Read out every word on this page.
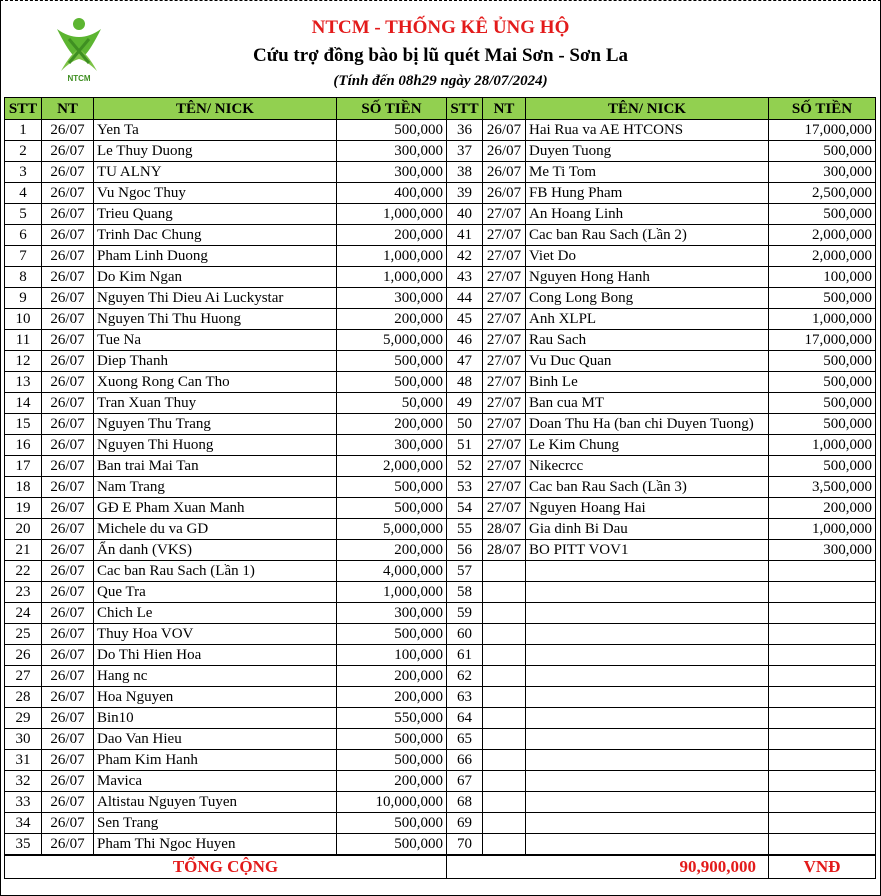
NTCM
NTCM - THỐNG KÊ ỦNG HỘ
Cứu trợ đồng bào bị lũ quét Mai Sơn - Sơn La
(Tính đến 08h29 ngày 28/07/2024)
STT	NT	TÊN/ NICK	SỐ TIỀN	STT	NT	TÊN/ NICK	SỐ TIỀN
1	26/07	Yen Ta	500,000	36	26/07	Hai Rua va AE HTCONS	17,000,000
2	26/07	Le Thuy Duong	300,000	37	26/07	Duyen Tuong	500,000
3	26/07	TU ALNY	300,000	38	26/07	Me Ti Tom	300,000
4	26/07	Vu Ngoc Thuy	400,000	39	26/07	FB Hung Pham	2,500,000
5	26/07	Trieu Quang	1,000,000	40	27/07	An Hoang Linh	500,000
6	26/07	Trinh Dac Chung	200,000	41	27/07	Cac ban Rau Sach (Lần 2)	2,000,000
7	26/07	Pham Linh Duong	1,000,000	42	27/07	Viet Do	2,000,000
8	26/07	Do Kim Ngan	1,000,000	43	27/07	Nguyen Hong Hanh	100,000
9	26/07	Nguyen Thi Dieu Ai Luckystar	300,000	44	27/07	Cong Long Bong	500,000
10	26/07	Nguyen Thi Thu Huong	200,000	45	27/07	Anh XLPL	1,000,000
11	26/07	Tue Na	5,000,000	46	27/07	Rau Sach	17,000,000
12	26/07	Diep Thanh	500,000	47	27/07	Vu Duc Quan	500,000
13	26/07	Xuong Rong Can Tho	500,000	48	27/07	Binh Le	500,000
14	26/07	Tran Xuan Thuy	50,000	49	27/07	Ban cua MT	500,000
15	26/07	Nguyen Thu Trang	200,000	50	27/07	Doan Thu Ha (ban chi Duyen Tuong)	500,000
16	26/07	Nguyen Thi Huong	300,000	51	27/07	Le Kim Chung	1,000,000
17	26/07	Ban trai Mai Tan	2,000,000	52	27/07	Nikecrcc	500,000
18	26/07	Nam Trang	500,000	53	27/07	Cac ban Rau Sach (Lần 3)	3,500,000
19	26/07	GĐ E Pham Xuan Manh	500,000	54	27/07	Nguyen Hoang Hai	200,000
20	26/07	Michele du va GD	5,000,000	55	28/07	Gia dinh Bi Dau	1,000,000
21	26/07	Ẩn danh (VKS)	200,000	56	28/07	BO PITT VOV1	300,000
22	26/07	Cac ban Rau Sach (Lần 1)	4,000,000	57			
23	26/07	Que Tra	1,000,000	58			
24	26/07	Chich Le	300,000	59			
25	26/07	Thuy Hoa VOV	500,000	60			
26	26/07	Do Thi Hien Hoa	100,000	61			
27	26/07	Hang nc	200,000	62			
28	26/07	Hoa Nguyen	200,000	63			
29	26/07	Bin10	550,000	64			
30	26/07	Dao Van Hieu	500,000	65			
31	26/07	Pham Kim Hanh	500,000	66			
32	26/07	Mavica	200,000	67			
33	26/07	Altistau Nguyen Tuyen	10,000,000	68			
34	26/07	Sen Trang	500,000	69			
35	26/07	Pham Thi Ngoc Huyen	500,000	70			
TỔNG CỘNG				90,900,000			VNĐ
